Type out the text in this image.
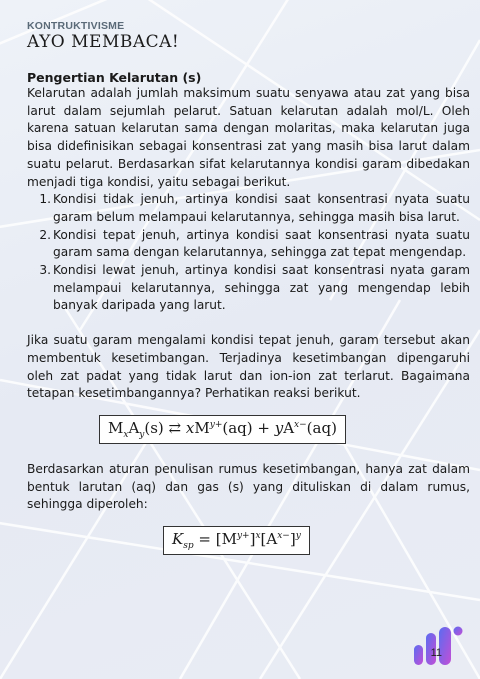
KONTRUKTIVISME
AYO MEMBACA!
Pengertian Kelarutan (s)

Kelarutan adalah jumlah maksimum suatu senyawa atau zat yang bisa larut dalam sejumlah pelarut. Satuan kelarutan adalah mol/L. Oleh karena satuan kelarutan sama dengan molaritas, maka kelarutan juga bisa didefinisikan sebagai konsentrasi zat yang masih bisa larut dalam suatu pelarut. Berdasarkan sifat kelarutannya kondisi garam dibedakan menjadi tiga kondisi, yaitu sebagai berikut.

1. Kondisi tidak jenuh, artinya kondisi saat konsentrasi nyata suatu garam belum melampaui kelarutannya, sehingga masih bisa larut.
2. Kondisi tepat jenuh, artinya kondisi saat konsentrasi nyata suatu garam sama dengan kelarutannya, sehingga zat tepat mengendap.
3. Kondisi lewat jenuh, artinya kondisi saat konsentrasi nyata garam melampaui kelarutannya, sehingga zat yang mengendap lebih banyak daripada yang larut.

Jika suatu garam mengalami kondisi tepat jenuh, garam tersebut akan membentuk kesetimbangan. Terjadinya kesetimbangan dipengaruhi oleh zat padat yang tidak larut dan ion-ion zat terlarut. Bagaimana tetapan kesetimbangannya? Perhatikan reaksi berikut.

$M_xA_y(s)$ ⇄ $xM^{y+}(aq) + yA^{x-}(aq)$

Berdasarkan aturan penulisan rumus kesetimbangan, hanya zat dalam bentuk larutan (aq) dan gas (s) yang dituliskan di dalam rumus, sehingga diperoleh:

$K_{sp} = [M^{y+}]^x[A^{x-}]^y$
11
